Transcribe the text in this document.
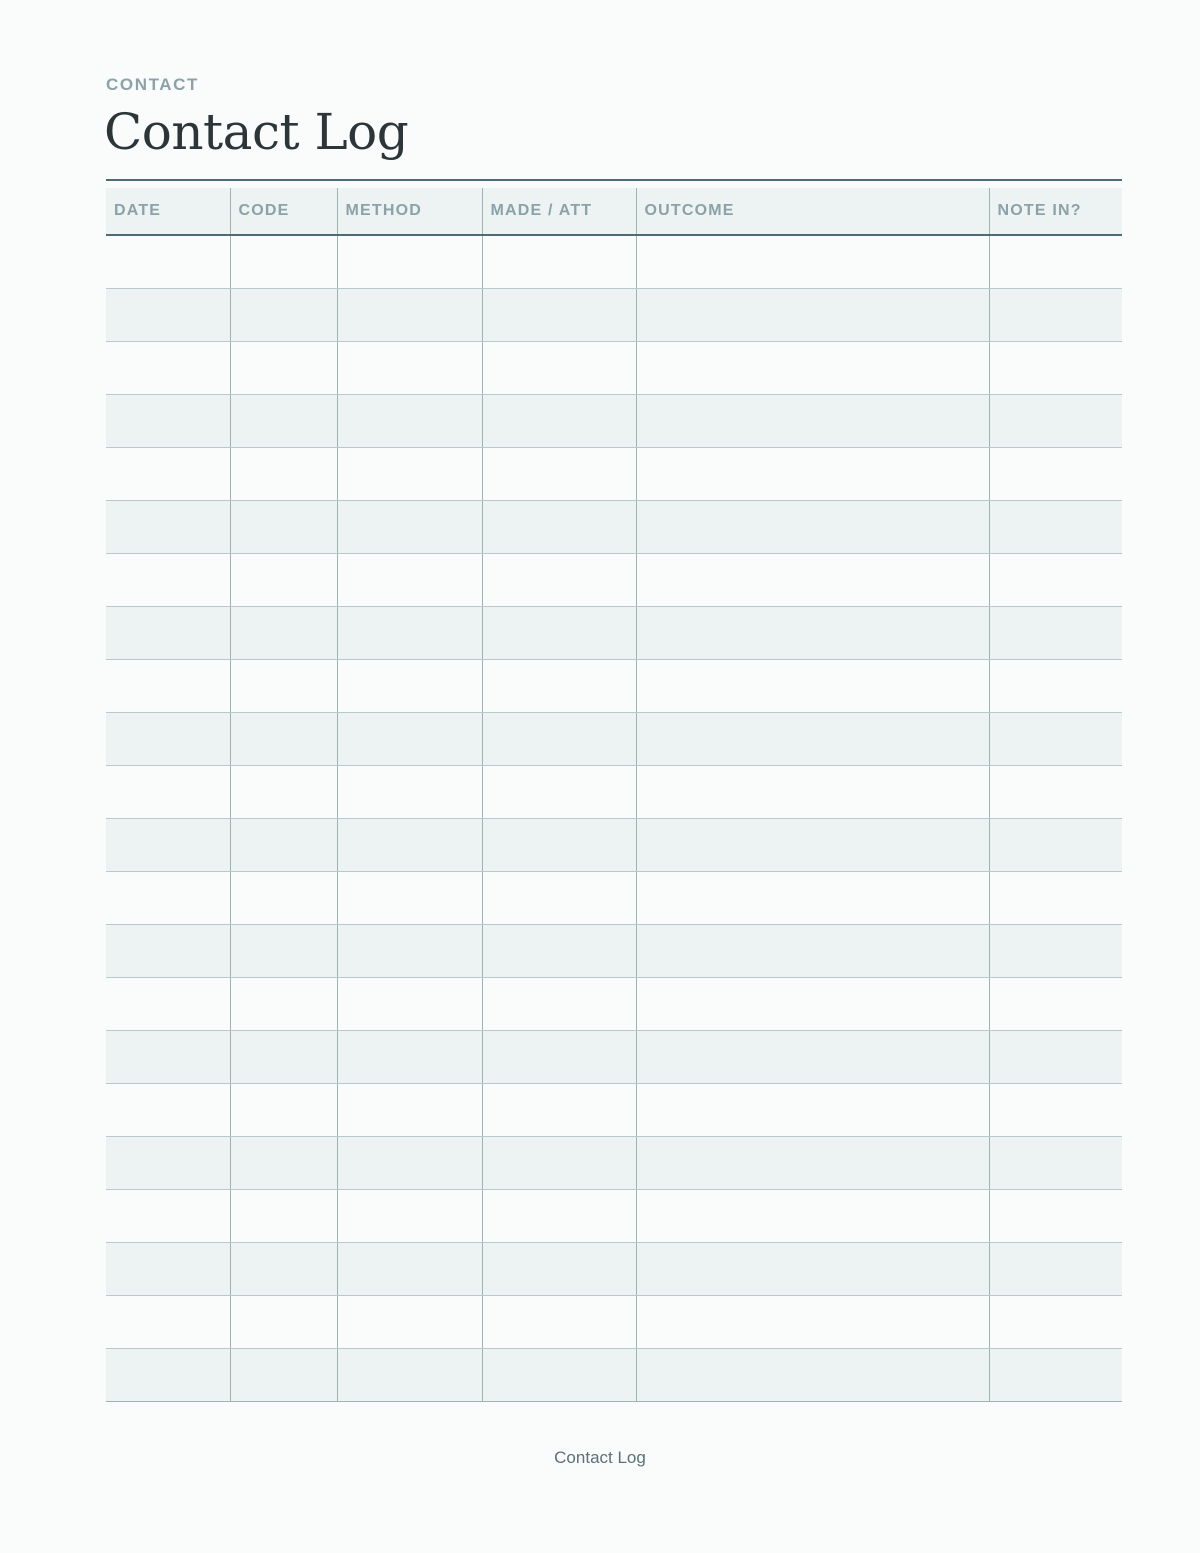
CONTACT
Contact Log
DATE	CODE	METHOD	MADE / ATT	OUTCOME	NOTE IN?

Contact Log
